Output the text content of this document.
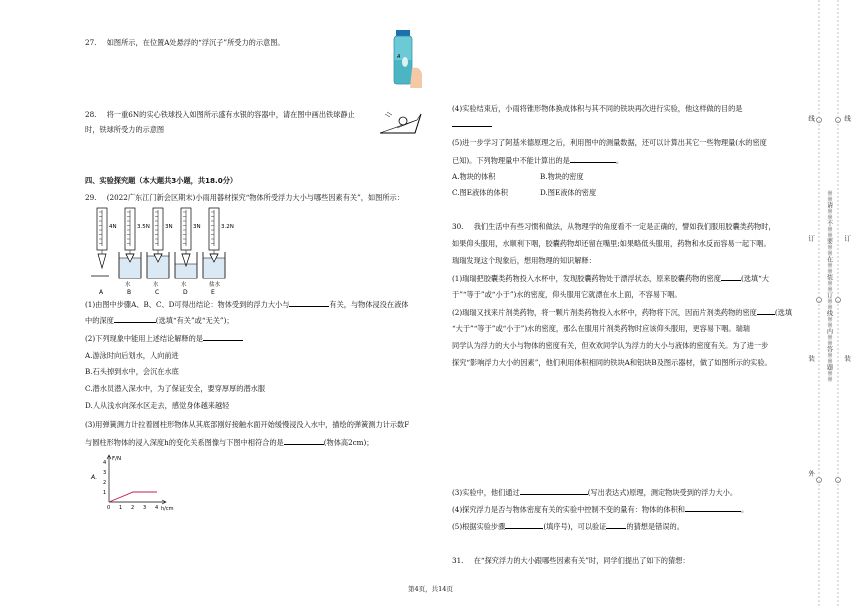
27. 如图所示，在位置A处悬浮的“浮沉子”所受力的示意图。
A
28. 将一重6N的实心铁球投入如图所示盛有水银的容器中，请在图中画出铁球静止
时，铁球所受力的示意图
四、实验探究题（本大题共3小题，共18.0分）
29. (2022广东江门新会区期末)小雨用器材探究“物体所受浮力大小与哪些因素有关”，如图所示：
4N
A
3.5N
B
3N
C
3N
D
3.2N
E
水	水	水	盐水
(1)由图中步骤A、B、C、D可得出结论：物体受到的浮力大小与	有关，与物体浸没在液体
中的深度	(选填“有关”或“无关”)；
(2)下列现象中能用上述结论解释的是
A.游泳时向后划水，人向前进
B.石头掉到水中，会沉在水底
C.潜水员潜入深水中，为了保证安全，要穿厚厚的潜水服
D.人从浅水向深水区走去，感觉身体越来越轻
(3)用弹簧测力计拉着圆柱形物体从其底部刚好接触水面开始缓慢浸没入水中，描绘的弹簧测力计示数F
与圆柱形物体的浸入深度h的变化关系图像与下图中相符合的是	(物体高2cm)；
A.
F/N
h/cm
1
2
3
4
0 1 2 3 4
(4)实验结束后，小雨将锥形物体换成体积与其不同的铁块再次进行实验，他这样做的目的是
(5)进一步学习了阿基米德原理之后，利用图中的测量数据，还可以计算出其它一些物理量(水的密度
已知)。下列物理量中不能计算出的是	。
A.物块的体积	B.物块的密度
C.图E液体的体积	D.图E液体的密度
30. 我们生活中有些习惯和做法，从物理学的角度看不一定是正确的，譬如我们服用胶囊类药物时，
如果仰头服用，水顺利下咽，胶囊药物却还留在嘴里;如果略低头服用，药物和水反而容易一起下咽。
瑞瑞发现这个现象后，想用物理的知识解释：
(1)瑞瑞把胶囊类药物投入水杯中，发现胶囊药物处于漂浮状态，原来胶囊药物的密度	(选填“大
于”“等于”或“小于”)水的密度，仰头服用它就漂在水上面，不容易下咽。
(2)瑞瑞又找来片剂类药物，将一颗片剂类药物投入水杯中，药物将下沉，因而片剂类药物的密度	(选填
“大于”“等于”或“小于”)水的密度，那么在服用片剂类药物时应该仰头服用，更容易下咽。瑞瑞
同学认为浮力的大小与物体的密度有关，但欢欢同学认为浮力的大小与液体的密度有关。为了进一步
探究“影响浮力大小的因素”，他们利用体积相同的铁块A和铝块B及图示器材，做了如图所示的实验。
(3)实验中，他们通过	(写出表达式)原理，测定物块受到的浮力大小。
(4)探究浮力是否与物体密度有关的实验中控制不变的量有：物体的体积和	。
(5)根据实验步骤	(填序号)，可以验证	的猜想是错误的。
31. 在“探究浮力的大小跟哪些因素有关”时，同学们提出了如下的猜想：
第4页，共14页
※※请※※不※※要※※在※※装※※订※※线※※内※※答※※题※※
线
订
装
外
线
订
装
